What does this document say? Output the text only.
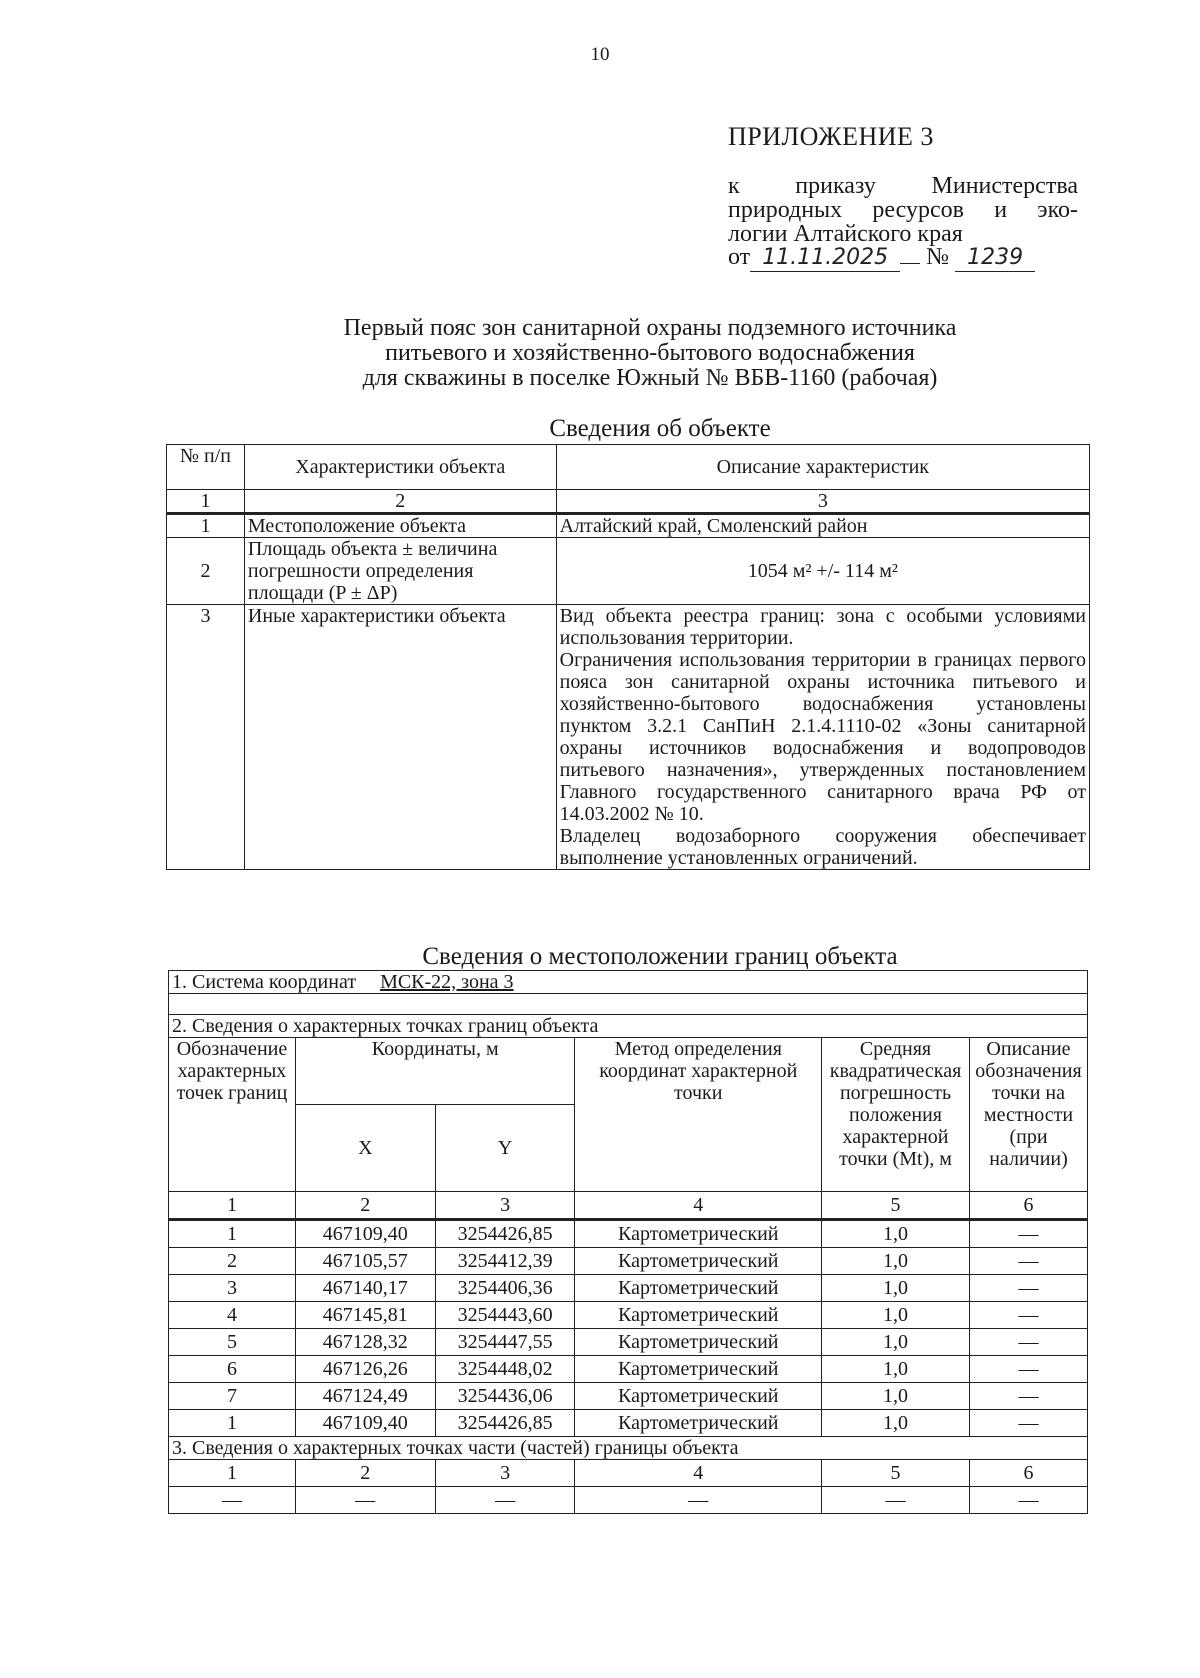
10
ПРИЛОЖЕНИЕ 3
к приказу Министерства
природных ресурсов и эко-
логии Алтайского края
от 11.11.2025 № 1239
Первый пояс зон санитарной охраны подземного источника
питьевого и хозяйственно-бытового водоснабжения
для скважины в поселке Южный № ВБВ-1160 (рабочая)
Сведения об объекте
№ п/п	Характеристики объекта	Описание характеристик
1	2	3
1	Местоположение объекта	Алтайский край, Смоленский район
2	Площадь объекта ± величина погрешности определения площади (P ± ΔP)	1054 м² +/- 114 м²
3	Иные характеристики объекта	Вид объекта реестра границ: зона с особыми условиями использования территории.
Ограничения использования территории в границах первого пояса зон санитарной охраны источника питьевого и хозяйственно-бытового водоснабжения установлены пунктом 3.2.1 СанПиН 2.1.4.1110-02 «Зоны санитарной охраны источников водоснабжения и водопроводов питьевого назначения», утвержденных постановлением Главного государственного санитарного врача РФ от 14.03.2002 № 10.
Владелец водозаборного сооружения обеспечивает выполнение установленных ограничений.
Сведения о местоположении границ объекта
1. Система координат МСК-22, зона 3					

2. Сведения о характерных точках границ объекта					
Обозначение характерных точек границ	Координаты, м		Метод определения координат характерной точки	Средняя квадратическая погрешность положения характерной точки (Mt), м	Описание обозначения точки на местности (при наличии)
	X	Y			
1	2	3	4	5	6
1	467109,40	3254426,85	Картометрический	1,0	—
2	467105,57	3254412,39	Картометрический	1,0	—
3	467140,17	3254406,36	Картометрический	1,0	—
4	467145,81	3254443,60	Картометрический	1,0	—
5	467128,32	3254447,55	Картометрический	1,0	—
6	467126,26	3254448,02	Картометрический	1,0	—
7	467124,49	3254436,06	Картометрический	1,0	—
1	467109,40	3254426,85	Картометрический	1,0	—
3. Сведения о характерных точках части (частей) границы объекта					
1	2	3	4	5	6
—	—	—	—	—	—
